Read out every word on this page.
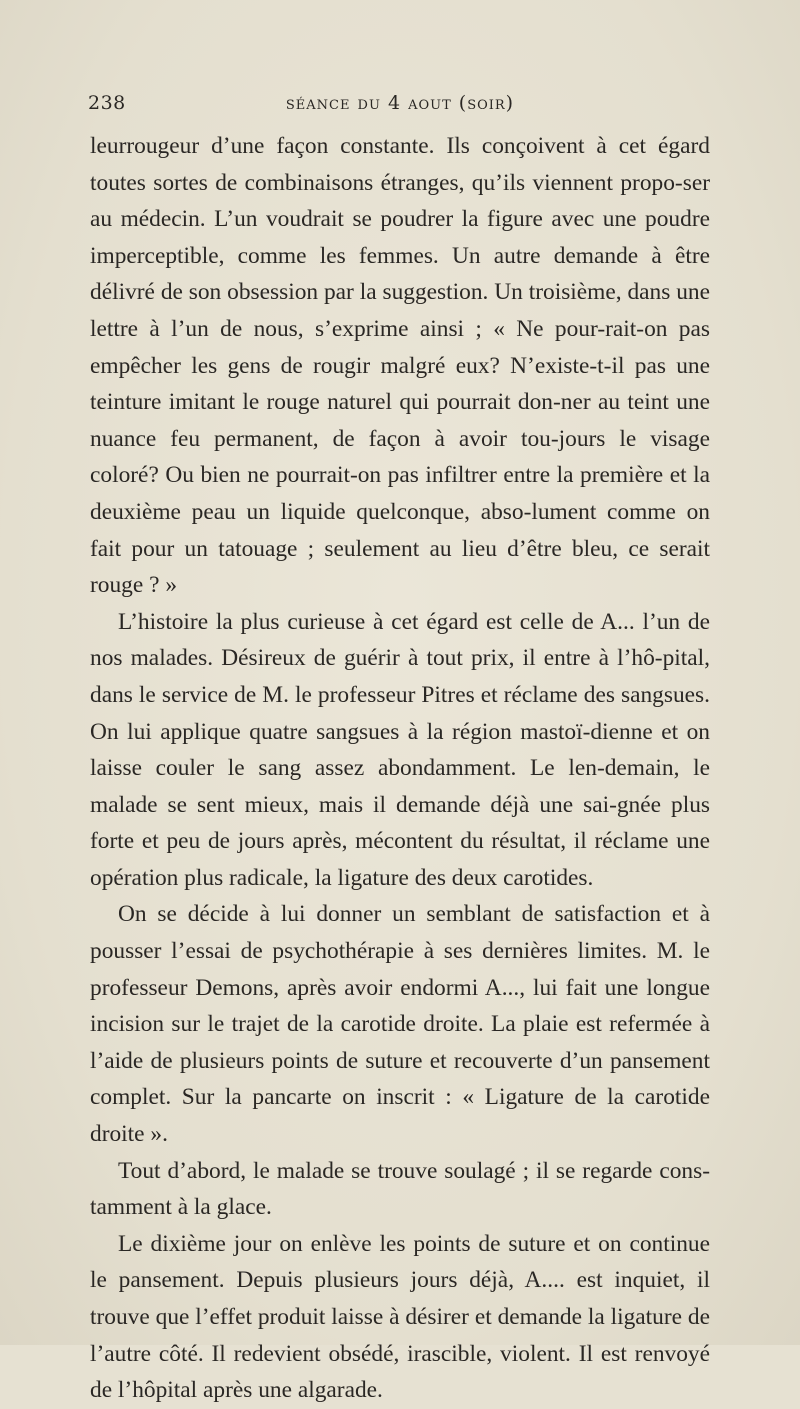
238	séance du 4 aout (soir)

leurrougeur d’une façon constante. Ils conçoivent à cet égard toutes sortes de combinaisons étranges, qu’ils viennent propo-ser au médecin. L’un voudrait se poudrer la figure avec une poudre imperceptible, comme les femmes. Un autre demande à être délivré de son obsession par la suggestion. Un troisième, dans une lettre à l’un de nous, s’exprime ainsi ; « Ne pour-rait-on pas empêcher les gens de rougir malgré eux? N’existe-t-il pas une teinture imitant le rouge naturel qui pourrait don-ner au teint une nuance feu permanent, de façon à avoir tou-jours le visage coloré? Ou bien ne pourrait-on pas infiltrer entre la première et la deuxième peau un liquide quelconque, abso-lument comme on fait pour un tatouage ; seulement au lieu d’être bleu, ce serait rouge ? »

L’histoire la plus curieuse à cet égard est celle de A... l’un de nos malades. Désireux de guérir à tout prix, il entre à l’hô-pital, dans le service de M. le professeur Pitres et réclame des sangsues. On lui applique quatre sangsues à la région mastoï-dienne et on laisse couler le sang assez abondamment. Le len-demain, le malade se sent mieux, mais il demande déjà une sai-gnée plus forte et peu de jours après, mécontent du résultat, il réclame une opération plus radicale, la ligature des deux carotides.

On se décide à lui donner un semblant de satisfaction et à pousser l’essai de psychothérapie à ses dernières limites. M. le professeur Demons, après avoir endormi A..., lui fait une longue incision sur le trajet de la carotide droite. La plaie est refermée à l’aide de plusieurs points de suture et recouverte d’un pansement complet. Sur la pancarte on inscrit : « Ligature de la carotide droite ».

Tout d’abord, le malade se trouve soulagé ; il se regarde cons-tamment à la glace.

Le dixième jour on enlève les points de suture et on continue le pansement. Depuis plusieurs jours déjà, A.... est inquiet, il trouve que l’effet produit laisse à désirer et demande la ligature de l’autre côté. Il redevient obsédé, irascible, violent. Il est renvoyé de l’hôpital après une algarade.
